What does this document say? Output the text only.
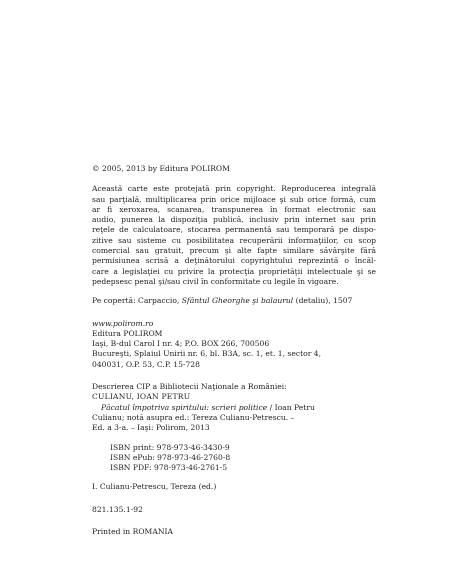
© 2005, 2013 by Editura POLIROM

Această carte este protejată prin copyright. Reproducerea integrală
sau parţială, multiplicarea prin orice mijloace şi sub orice formă, cum
ar fi xeroxarea, scanarea, transpunerea în format electronic sau
audio, punerea la dispoziţia publică, inclusiv prin internet sau prin
reţele de calculatoare, stocarea permanentă sau temporară pe dispo-
zitive sau sisteme cu posibilitatea recuperării informaţiilor, cu scop
comercial sau gratuit, precum şi alte fapte similare săvârşite fără
permisiunea scrisă a deţinătorului copyrightului reprezintă o încăl-
care a legislaţiei cu privire la protecţia proprietăţii intelectuale şi se
pedepsesc penal şi/sau civil în conformitate cu legile în vigoare.

Pe copertă: Carpaccio, Sfântul Gheorghe şi balaurul (detaliu), 1507

www.polirom.ro
Editura POLIROM
Iaşi, B-dul Carol I nr. 4; P.O. BOX 266, 700506
Bucureşti, Splaiul Unirii nr. 6, bl. B3A, sc. 1, et. 1, sector 4,
040031, O.P. 53, C.P. 15-728
Descrierea CIP a Bibliotecii Naţionale a României:
CULIANU, IOAN PETRU
Păcatul împotriva spiritului: scrieri politice / Ioan Petru
Culianu; notă asupra ed.: Tereza Culianu-Petrescu. –
Ed. a 3-a. – Iaşi: Polirom, 2013
ISBN print: 978-973-46-3430-9
ISBN ePub: 978-973-46-2760-8
ISBN PDF: 978-973-46-2761-5
I. Culianu-Petrescu, Tereza (ed.)
821.135.1-92

Printed in ROMANIA
